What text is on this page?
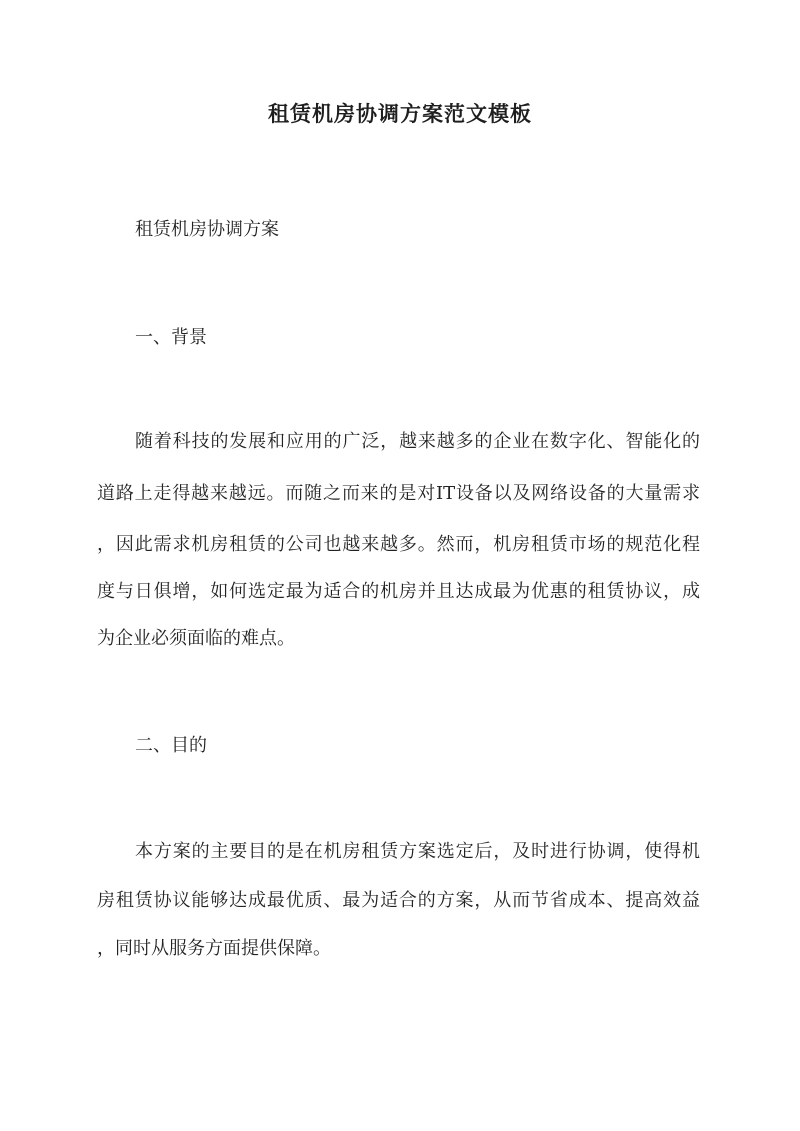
租赁机房协调方案范文模板

租赁机房协调方案

一、背景

随着科技的发展和应用的广泛，越来越多的企业在数字化、智能化的

道路上走得越来越远。而随之而来的是对IT设备以及网络设备的大量需求

，因此需求机房租赁的公司也越来越多。然而，机房租赁市场的规范化程

度与日俱增，如何选定最为适合的机房并且达成最为优惠的租赁协议，成

为企业必须面临的难点。

二、目的

本方案的主要目的是在机房租赁方案选定后，及时进行协调，使得机

房租赁协议能够达成最优质、最为适合的方案，从而节省成本、提高效益

，同时从服务方面提供保障。
